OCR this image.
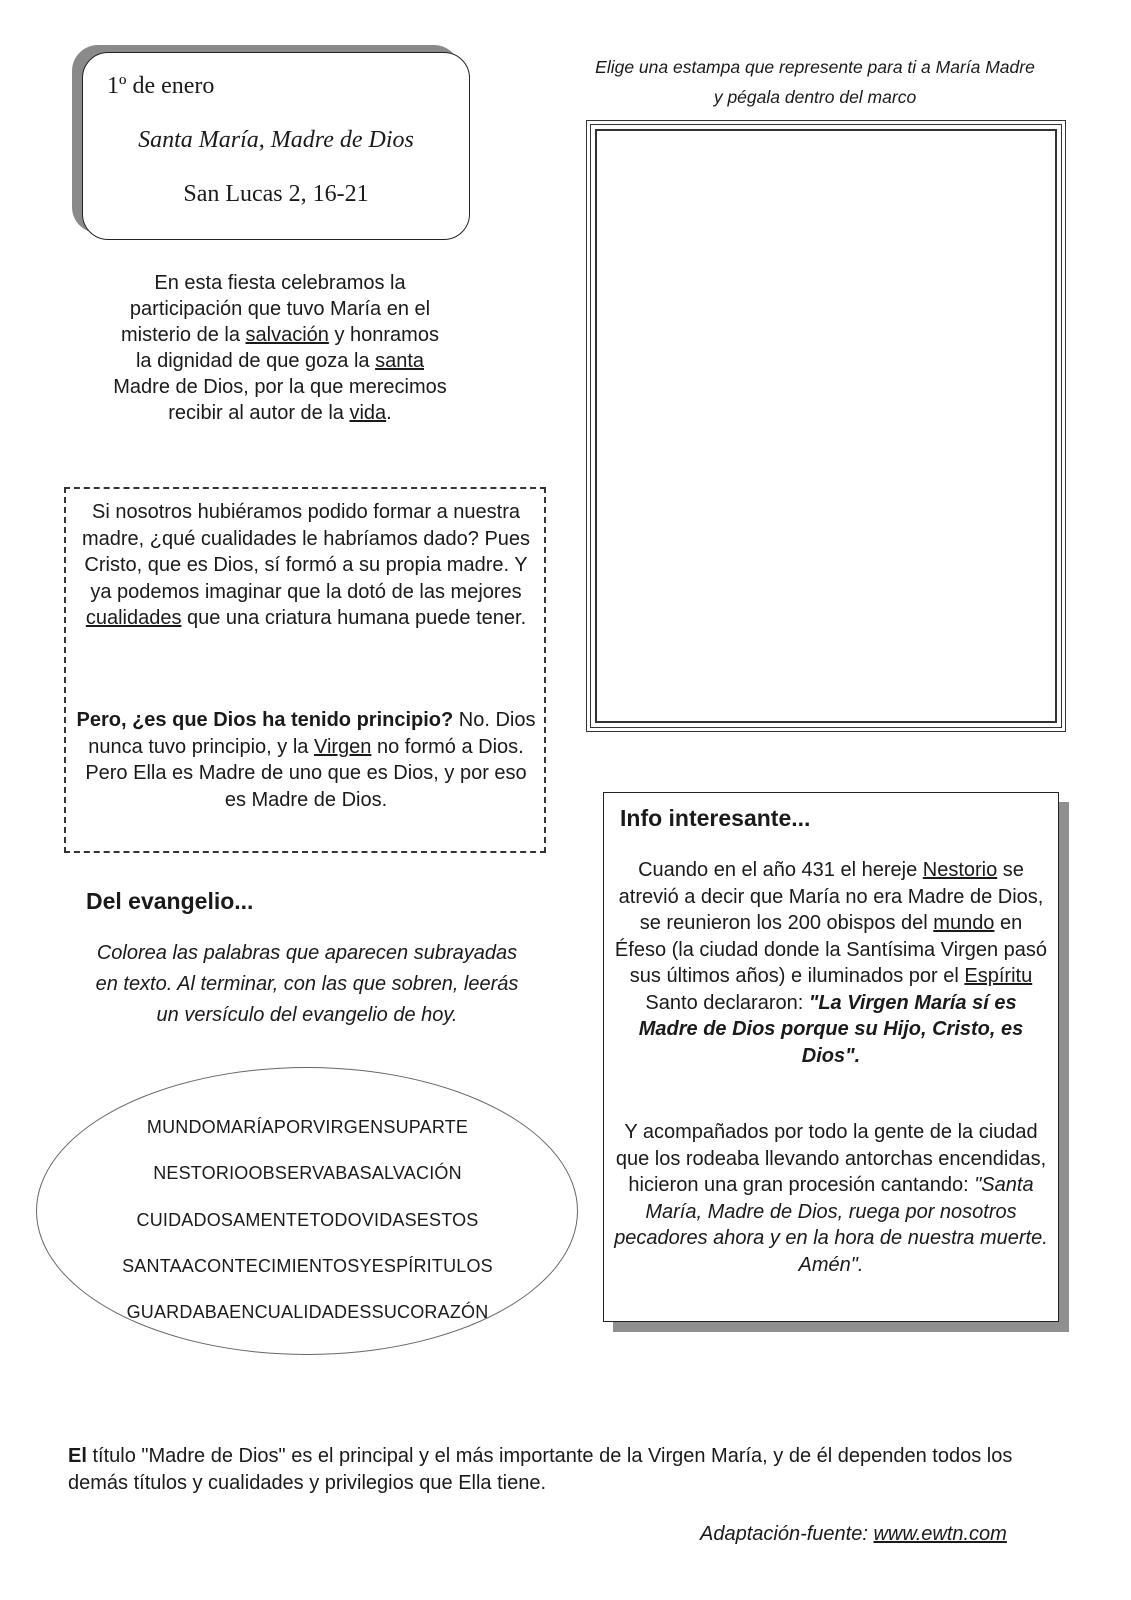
1º de enero
Santa María, Madre de Dios
San Lucas 2, 16-21
En esta fiesta celebramos la participación que tuvo María en el misterio de la salvación y honramos la dignidad de que goza la santa Madre de Dios, por la que merecimos recibir al autor de la vida.
Si nosotros hubiéramos podido formar a nuestra madre, ¿qué cualidades le habríamos dado? Pues Cristo, que es Dios, sí formó a su propia madre. Y ya podemos imaginar que la dotó de las mejores cualidades que una criatura humana puede tener.
Pero, ¿es que Dios ha tenido principio? No. Dios nunca tuvo principio, y la Virgen no formó a Dios. Pero Ella es Madre de uno que es Dios, y por eso es Madre de Dios.
Del evangelio...
Colorea las palabras que aparecen subrayadas en texto. Al terminar, con las que sobren, leerás un versículo del evangelio de hoy.
MUNDOMARÍAPORVIRGENSUPARTE
NESTORIOOBSERVABASALVACIÓN
CUIDADOSAMENTETODOVIDASESTOS
SANTAACONTECIMIENTOSYESPÍRITULOS
GUARDABAENCUALIDADESSUCORAZÓN
Elige una estampa que represente para ti a María Madre
y pégala dentro del marco
Info interesante...
Cuando en el año 431 el hereje Nestorio se atrevió a decir que María no era Madre de Dios, se reunieron los 200 obispos del mundo en Éfeso (la ciudad donde la Santísima Virgen pasó sus últimos años) e iluminados por el Espíritu Santo declararon: "La Virgen María sí es Madre de Dios porque su Hijo, Cristo, es Dios".
Y acompañados por todo la gente de la ciudad que los rodeaba llevando antorchas encendidas, hicieron una gran procesión cantando: "Santa María, Madre de Dios, ruega por nosotros pecadores ahora y en la hora de nuestra muerte. Amén".
El título "Madre de Dios" es el principal y el más importante de la Virgen María, y de él dependen todos los demás títulos y cualidades y privilegios que Ella tiene.
Adaptación-fuente: www.ewtn.com
